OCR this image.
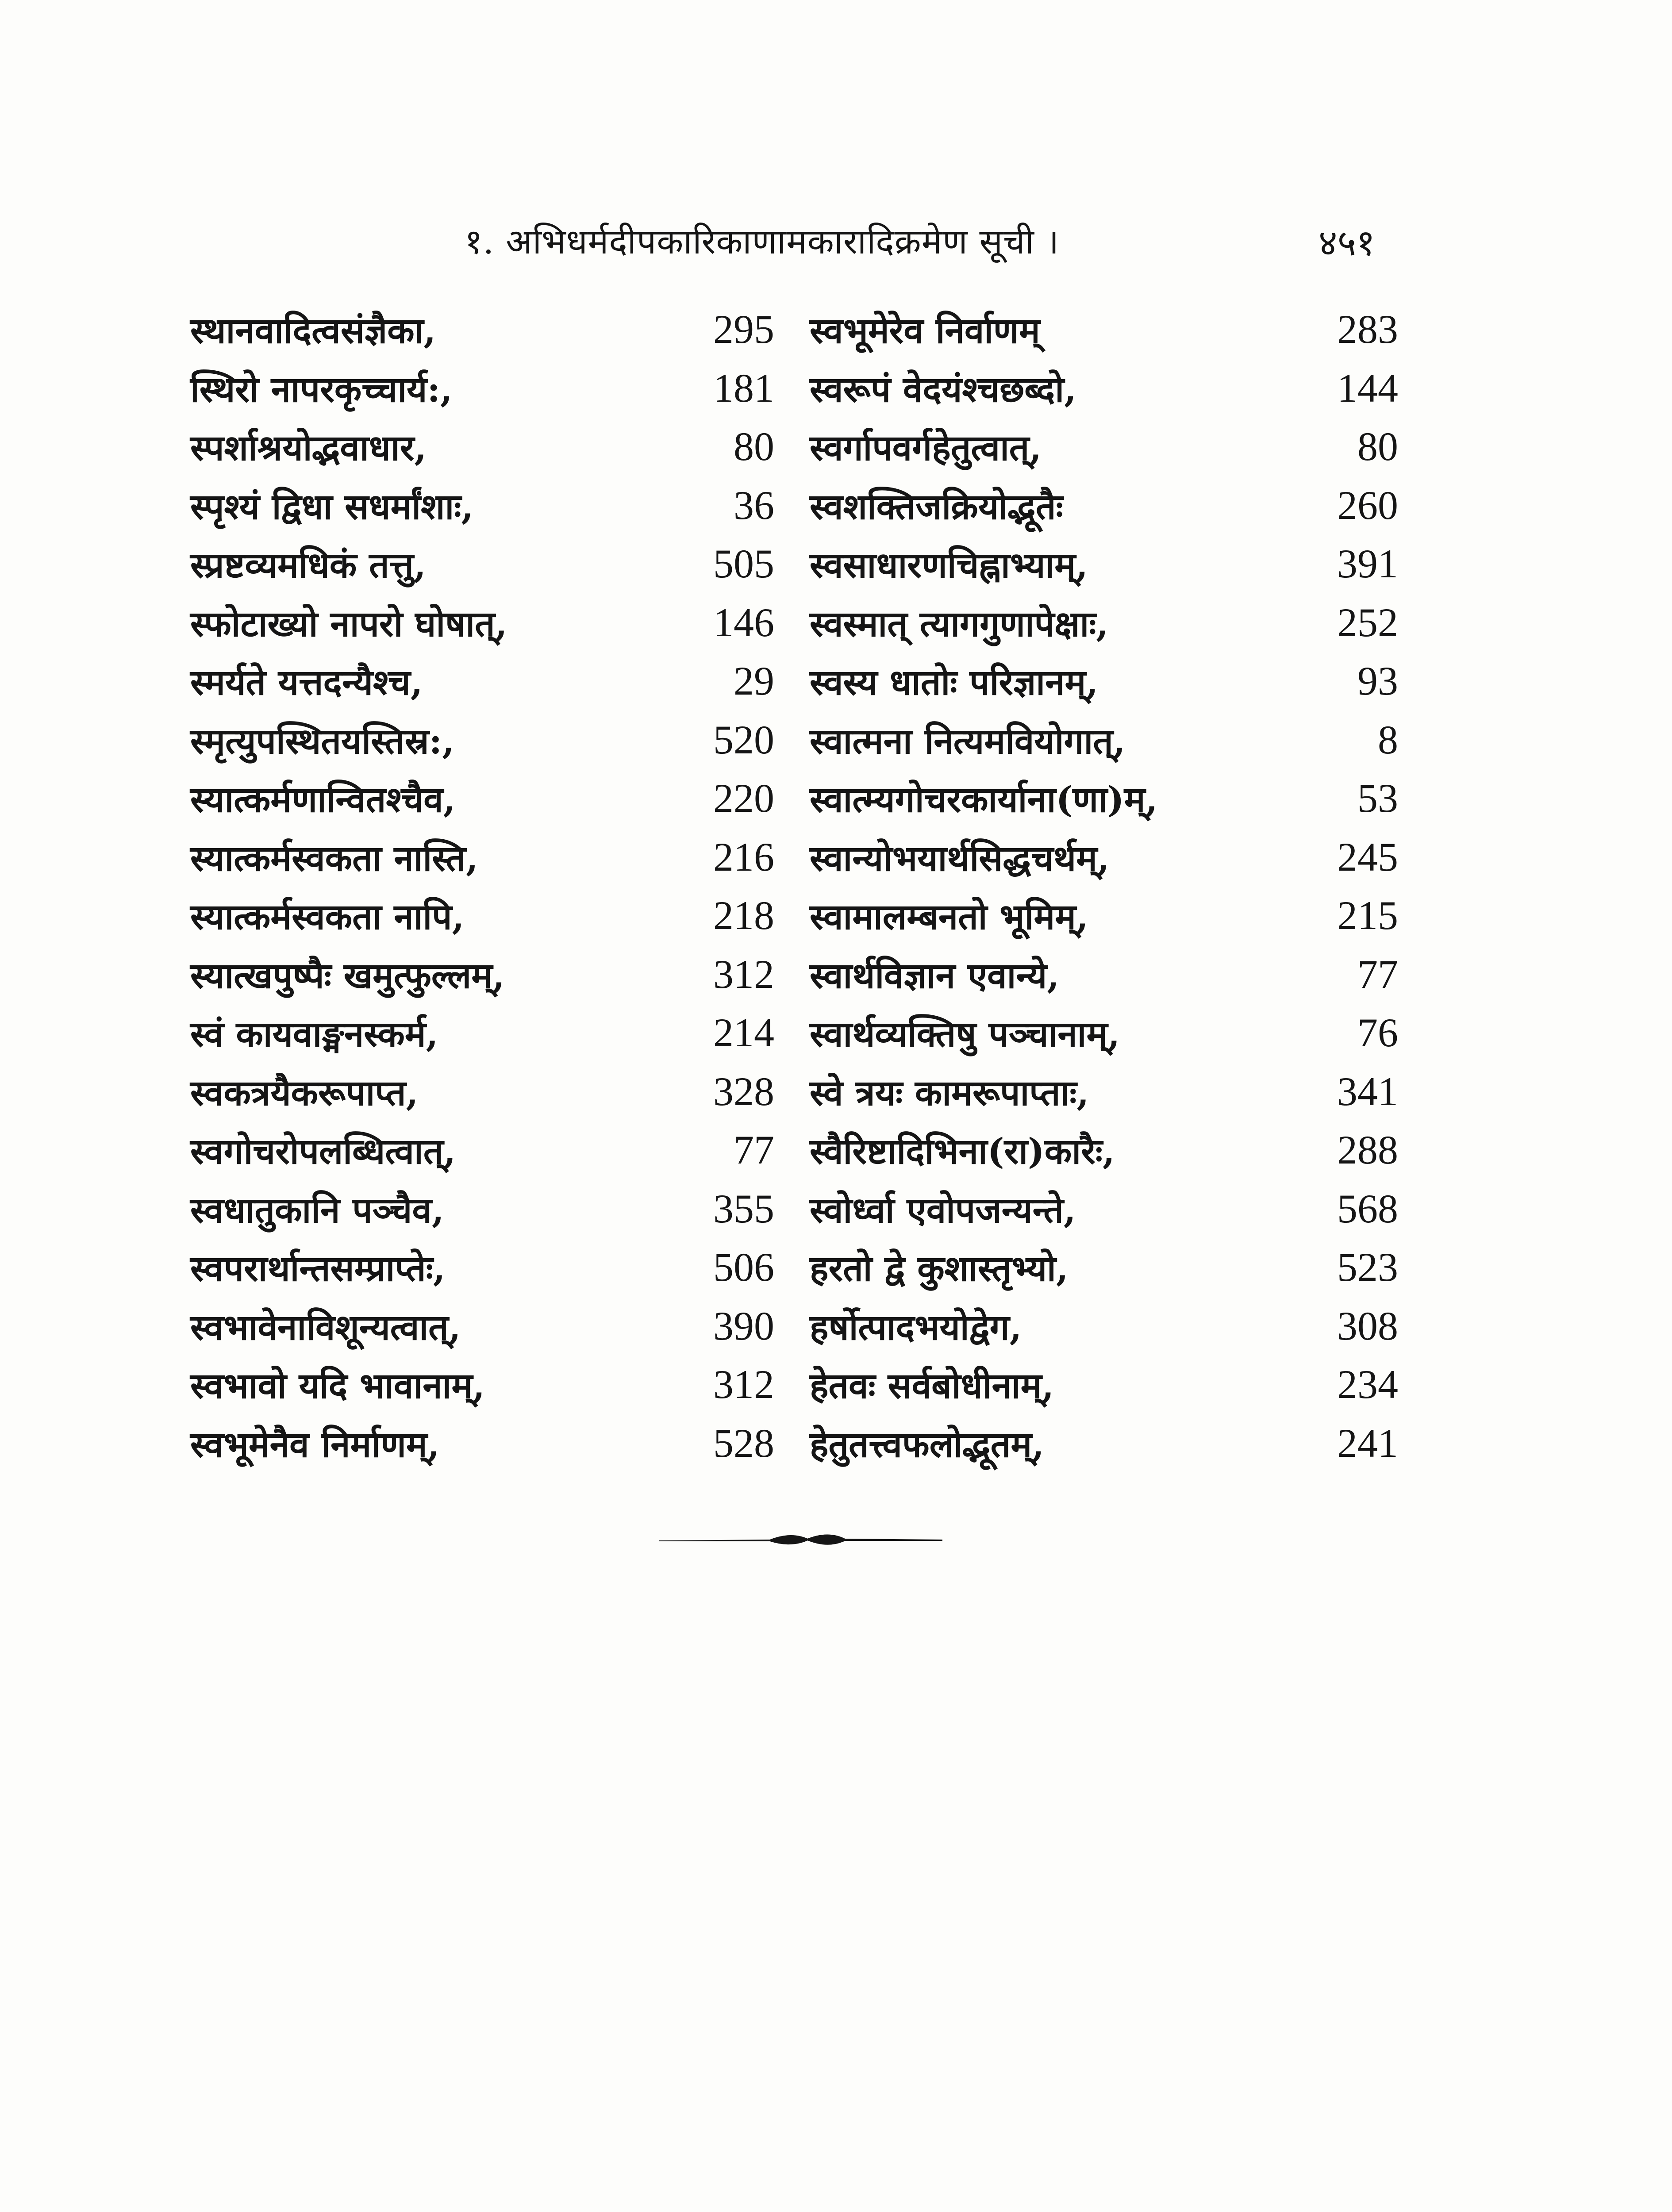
१. अभिधर्मदीपकारिकाणामकारादिक्रमेण सूची ।	४५१
स्थानवादित्वसंज्ञैका,	295
स्थिरो नापरकृच्चार्य:,	181
स्पर्शाश्रयोद्भवाधार,	80
स्पृश्यं द्विधा सधर्मांशाः,	36
स्प्रष्टव्यमधिकं तत्तु,	505
स्फोटाख्यो नापरो घोषात्,	146
स्मर्यते यत्तदन्यैश्च,	29
स्मृत्युपस्थितयस्तिस्र:,	520
स्यात्कर्मणान्वितश्चैव,	220
स्यात्कर्मस्वकता नास्ति,	216
स्यात्कर्मस्वकता नापि,	218
स्यात्खपुष्पैः खमुत्फुल्लम्,	312
स्वं कायवाङ्मनस्कर्म,	214
स्वकत्रयैकरूपाप्त,	328
स्वगोचरोपलब्धित्वात्,	77
स्वधातुकानि पञ्चैव,	355
स्वपरार्थान्तसम्प्राप्तेः,	506
स्वभावेनाविशून्यत्वात्,	390
स्वभावो यदि भावानाम्,	312
स्वभूमेनैव निर्माणम्,	528
स्वभूमेरेव निर्वाणम्	283
स्वरूपं वेदयंश्चछब्दो,	144
स्वर्गापवर्गहेतुत्वात्,	80
स्वशक्तिजक्रियोद्भूतैः	260
स्वसाधारणचिह्नाभ्याम्,	391
स्वस्मात् त्यागगुणापेक्षाः,	252
स्वस्य धातोः परिज्ञानम्,	93
स्वात्मना नित्यमवियोगात्,	8
स्वात्म्यगोचरकार्याना(णा)म्,	53
स्वान्योभयार्थसिद्धचर्थम्,	245
स्वामालम्बनतो भूमिम्,	215
स्वार्थविज्ञान एवान्ये,	77
स्वार्थव्यक्तिषु पञ्चानाम्,	76
स्वे त्रयः कामरूपाप्ताः,	341
स्वैरिष्टादिभिना(रा)कारैः,	288
स्वोर्ध्वा एवोपजन्यन्ते,	568
हरतो द्वे कुशास्तृभ्यो,	523
हर्षोत्पादभयोद्वेग,	308
हेतवः सर्वबोधीनाम्,	234
हेतुतत्त्वफलोद्भूतम्,	241
